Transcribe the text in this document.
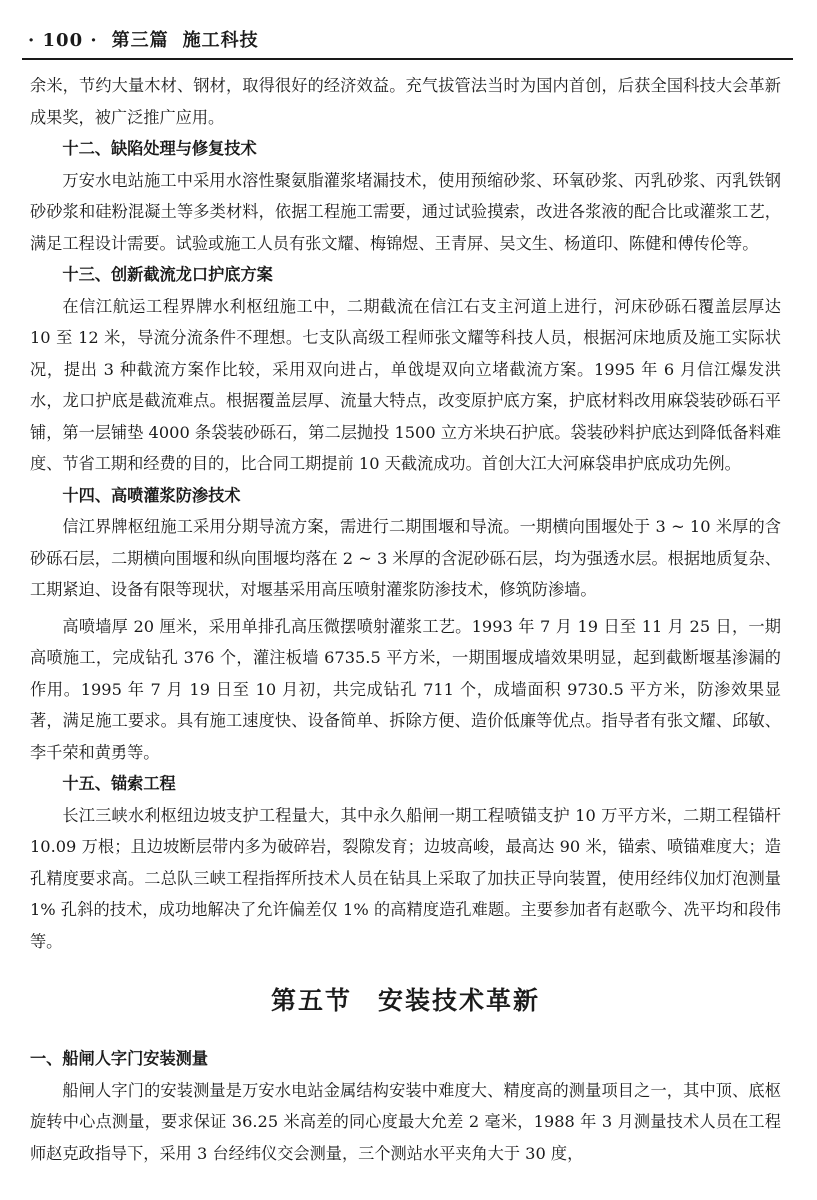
· 100 · 第三篇 施工科技

余米，节约大量木材、钢材，取得很好的经济效益。充气拔管法当时为国内首创，后获全国科技大会革新成果奖，被广泛推广应用。

十二、缺陷处理与修复技术

万安水电站施工中采用水溶性聚氨脂灌浆堵漏技术，使用预缩砂浆、环氧砂浆、丙乳砂浆、丙乳铁钢砂砂浆和硅粉混凝土等多类材料，依据工程施工需要，通过试验摸索，改进各浆液的配合比或灌浆工艺，满足工程设计需要。试验或施工人员有张文耀、梅锦煜、王青屏、吴文生、杨道印、陈健和傅传伦等。

十三、创新截流龙口护底方案

在信江航运工程界牌水利枢纽施工中，二期截流在信江右支主河道上进行，河床砂砾石覆盖层厚达 10 至 12 米，导流分流条件不理想。七支队高级工程师张文耀等科技人员，根据河床地质及施工实际状况，提出 3 种截流方案作比较，采用双向进占，单戗堤双向立堵截流方案。1995 年 6 月信江爆发洪水，龙口护底是截流难点。根据覆盖层厚、流量大特点，改变原护底方案，护底材料改用麻袋装砂砾石平铺，第一层铺垫 4000 条袋装砂砾石，第二层抛投 1500 立方米块石护底。袋装砂料护底达到降低备料难度、节省工期和经费的目的，比合同工期提前 10 天截流成功。首创大江大河麻袋串护底成功先例。

十四、高喷灌浆防渗技术

信江界牌枢纽施工采用分期导流方案，需进行二期围堰和导流。一期横向围堰处于 3 ~ 10 米厚的含砂砾石层，二期横向围堰和纵向围堰均落在 2 ~ 3 米厚的含泥砂砾石层，均为强透水层。根据地质复杂、工期紧迫、设备有限等现状，对堰基采用高压喷射灌浆防渗技术，修筑防渗墙。

高喷墙厚 20 厘米，采用单排孔高压微摆喷射灌浆工艺。1993 年 7 月 19 日至 11 月 25 日，一期高喷施工，完成钻孔 376 个，灌注板墙 6735.5 平方米，一期围堰成墙效果明显，起到截断堰基渗漏的作用。1995 年 7 月 19 日至 10 月初，共完成钻孔 711 个，成墙面积 9730.5 平方米，防渗效果显著，满足施工要求。具有施工速度快、设备简单、拆除方便、造价低廉等优点。指导者有张文耀、邱敏、李千荣和黄勇等。

十五、锚索工程

长江三峡水利枢纽边坡支护工程量大，其中永久船闸一期工程喷锚支护 10 万平方米，二期工程锚杆 10.09 万根；且边坡断层带内多为破碎岩，裂隙发育；边坡高峻，最高达 90 米，锚索、喷锚难度大；造孔精度要求高。二总队三峡工程指挥所技术人员在钻具上采取了加扶正导向装置，使用经纬仪加灯泡测量 1% 孔斜的技术，成功地解决了允许偏差仅 1% 的高精度造孔难题。主要参加者有赵歌今、冼平均和段伟等。

第五节 安装技术革新
一、船闸人字门安装测量

船闸人字门的安装测量是万安水电站金属结构安装中难度大、精度高的测量项目之一，其中顶、底枢旋转中心点测量，要求保证 36.25 米高差的同心度最大允差 2 毫米，1988 年 3 月测量技术人员在工程师赵克政指导下，采用 3 台经纬仪交会测量，三个测站水平夹角大于 30 度，
